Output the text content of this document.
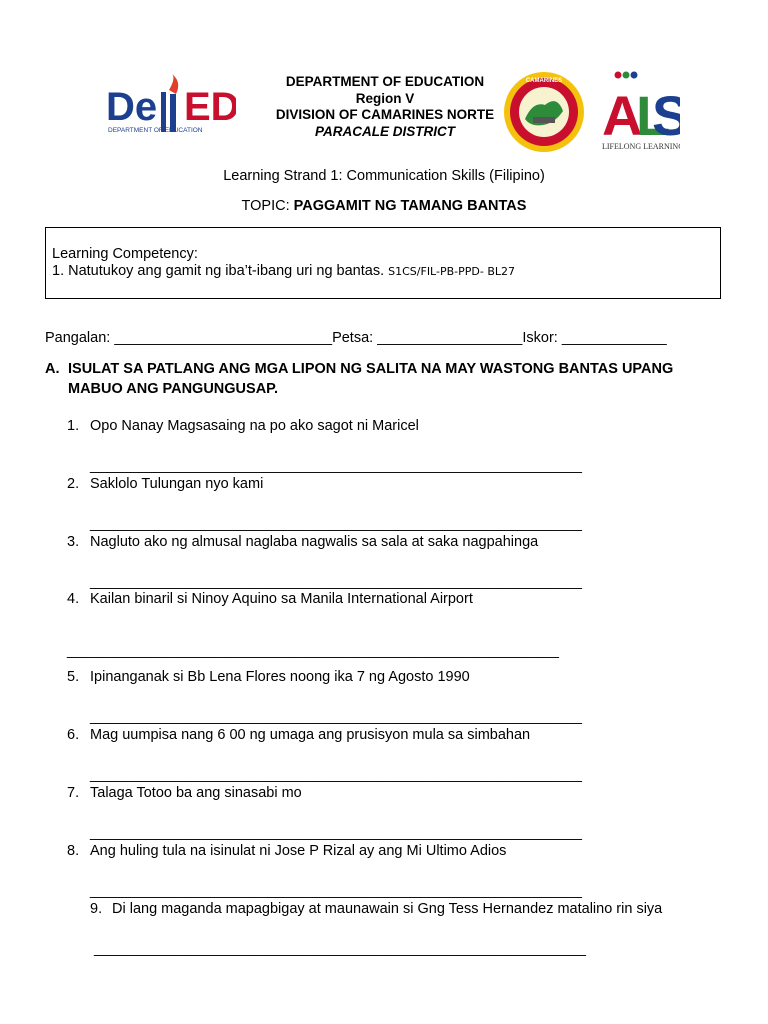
De ED
DEPARTMENT OF EDUCATION
CAMARINES
A
L
S
LIFELONG LEARNING
DEPARTMENT OF EDUCATION
Region V
DIVISION OF CAMARINES NORTE
PARACALE DISTRICT
Learning Strand 1: Communication Skills (Filipino)
TOPIC: PAGGAMIT NG TAMANG BANTAS
Learning Competency:
1. Natutukoy ang gamit ng iba’t-ibang uri ng bantas. S1CS/FIL-PB-PPD- BL27
Pangalan: ___________________________Petsa: __________________Iskor: _____________
A. ISULAT SA PATLANG ANG MGA LIPON NG SALITA NA MAY WASTONG BANTAS UPANG MABUO ANG PANGUNGUSAP.
1. Opo Nanay Magsasaing na po ako sagot ni Maricel
_____________________________________________________________
2. Saklolo Tulungan nyo kami
_____________________________________________________________
3. Nagluto ako ng almusal naglaba nagwalis sa sala at saka nagpahinga
_____________________________________________________________
4. Kailan binaril si Ninoy Aquino sa Manila International Airport
_____________________________________________________________
5. Ipinanganak si Bb Lena Flores noong ika 7 ng Agosto 1990
_____________________________________________________________
6. Mag uumpisa nang 6 00 ng umaga ang prusisyon mula sa simbahan
_____________________________________________________________
7. Talaga Totoo ba ang sinasabi mo
_____________________________________________________________
8. Ang huling tula na isinulat ni Jose P Rizal ay ang Mi Ultimo Adios
_____________________________________________________________
9. Di lang maganda mapagbigay at maunawain si Gng Tess Hernandez matalino rin siya
_____________________________________________________________
